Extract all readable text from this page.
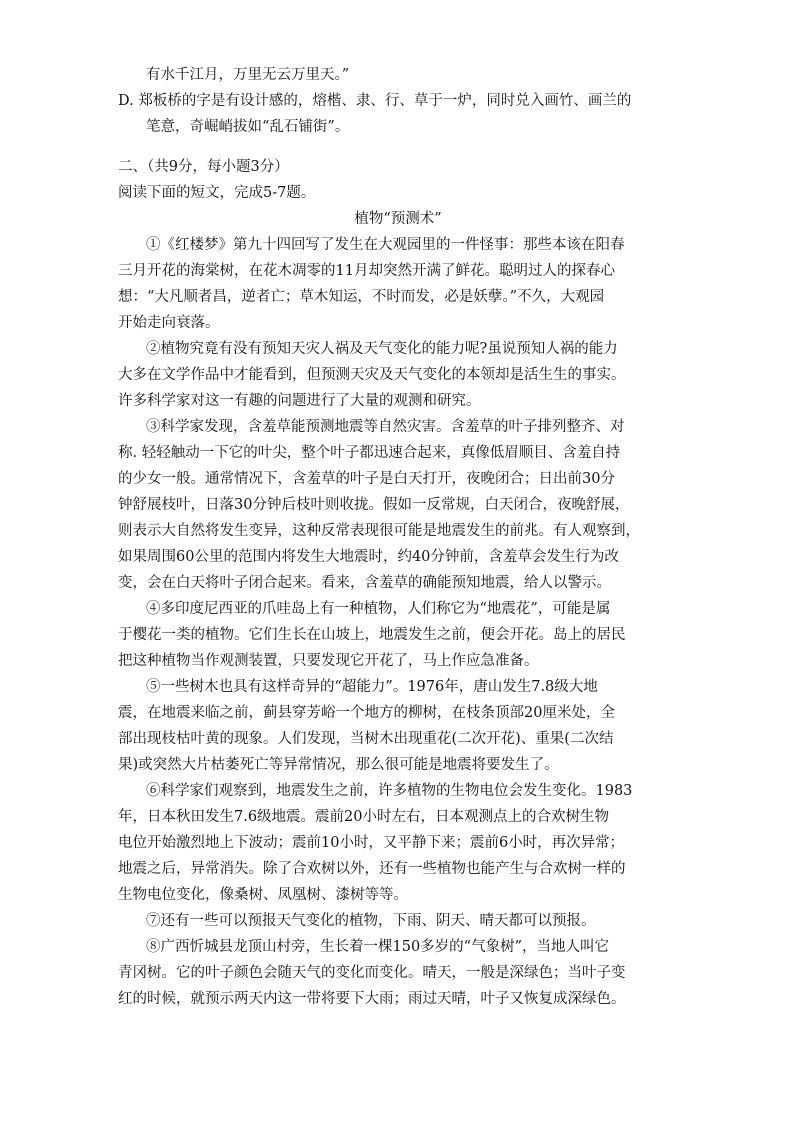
有水千江月，万里无云万里天。”

D. 郑板桥的字是有设计感的，熔楷、隶、行、草于一炉，同时兑入画竹、画兰的

笔意，奇崛峭拔如“乱石铺街”。

二、（共9分，每小题3分）

阅读下面的短文，完成5-7题。

植物“预测术”

①《红楼梦》第九十四回写了发生在大观园里的一件怪事：那些本该在阳春

三月开花的海棠树，在花木凋零的11月却突然开满了鲜花。聪明过人的探春心

想：“大凡顺者昌，逆者亡；草木知运，不时而发，必是妖孽。”不久，大观园

开始走向衰落。

②植物究竟有没有预知天灾人祸及天气变化的能力呢?虽说预知人祸的能力

大多在文学作品中才能看到，但预测天灾及天气变化的本领却是活生生的事实。

许多科学家对这一有趣的问题进行了大量的观测和研究。

③科学家发现，含羞草能预测地震等自然灾害。含羞草的叶子排列整齐、对

称. 轻轻触动一下它的叶尖，整个叶子都迅速合起来，真像低眉顺目、含羞自持

的少女一般。通常情况下，含羞草的叶子是白天打开，夜晚闭合；日出前30分

钟舒展枝叶，日落30分钟后枝叶则收拢。假如一反常规，白天闭合，夜晚舒展，

则表示大自然将发生变异，这种反常表现很可能是地震发生的前兆。有人观察到，

如果周围60公里的范围内将发生大地震时，约40分钟前，含羞草会发生行为改

变，会在白天将叶子闭合起来。看来，含羞草的确能预知地震，给人以警示。

④多印度尼西亚的爪哇岛上有一种植物，人们称它为“地震花”，可能是属

于樱花一类的植物。它们生长在山坡上，地震发生之前，便会开花。岛上的居民

把这种植物当作观测装置，只要发现它开花了，马上作应急准备。

⑤一些树木也具有这样奇异的“超能力”。1976年，唐山发生7.8级大地

震，在地震来临之前，蓟县穿芳峪一个地方的柳树，在枝条顶部20厘米处，全

部出现枝枯叶黄的现象。人们发现，当树木出现重花(二次开花)、重果(二次结

果)或突然大片枯萎死亡等异常情况，那么很可能是地震将要发生了。

⑥科学家们观察到，地震发生之前，许多植物的生物电位会发生变化。1983

年，日本秋田发生7.6级地震。震前20小时左右，日本观测点上的合欢树生物

电位开始激烈地上下波动；震前10小时，又平静下来；震前6小时，再次异常；

地震之后，异常消失。除了合欢树以外，还有一些植物也能产生与合欢树一样的

生物电位变化，像桑树、凤凰树、漆树等等。

⑦还有一些可以预报天气变化的植物，下雨、阴天、晴天都可以预报。

⑧广西忻城县龙顶山村旁，生长着一棵150多岁的“气象树”，当地人叫它

青冈树。它的叶子颜色会随天气的变化而变化。晴天，一般是深绿色；当叶子变

红的时候，就预示两天内这一带将要下大雨；雨过天晴，叶子又恢复成深绿色。
